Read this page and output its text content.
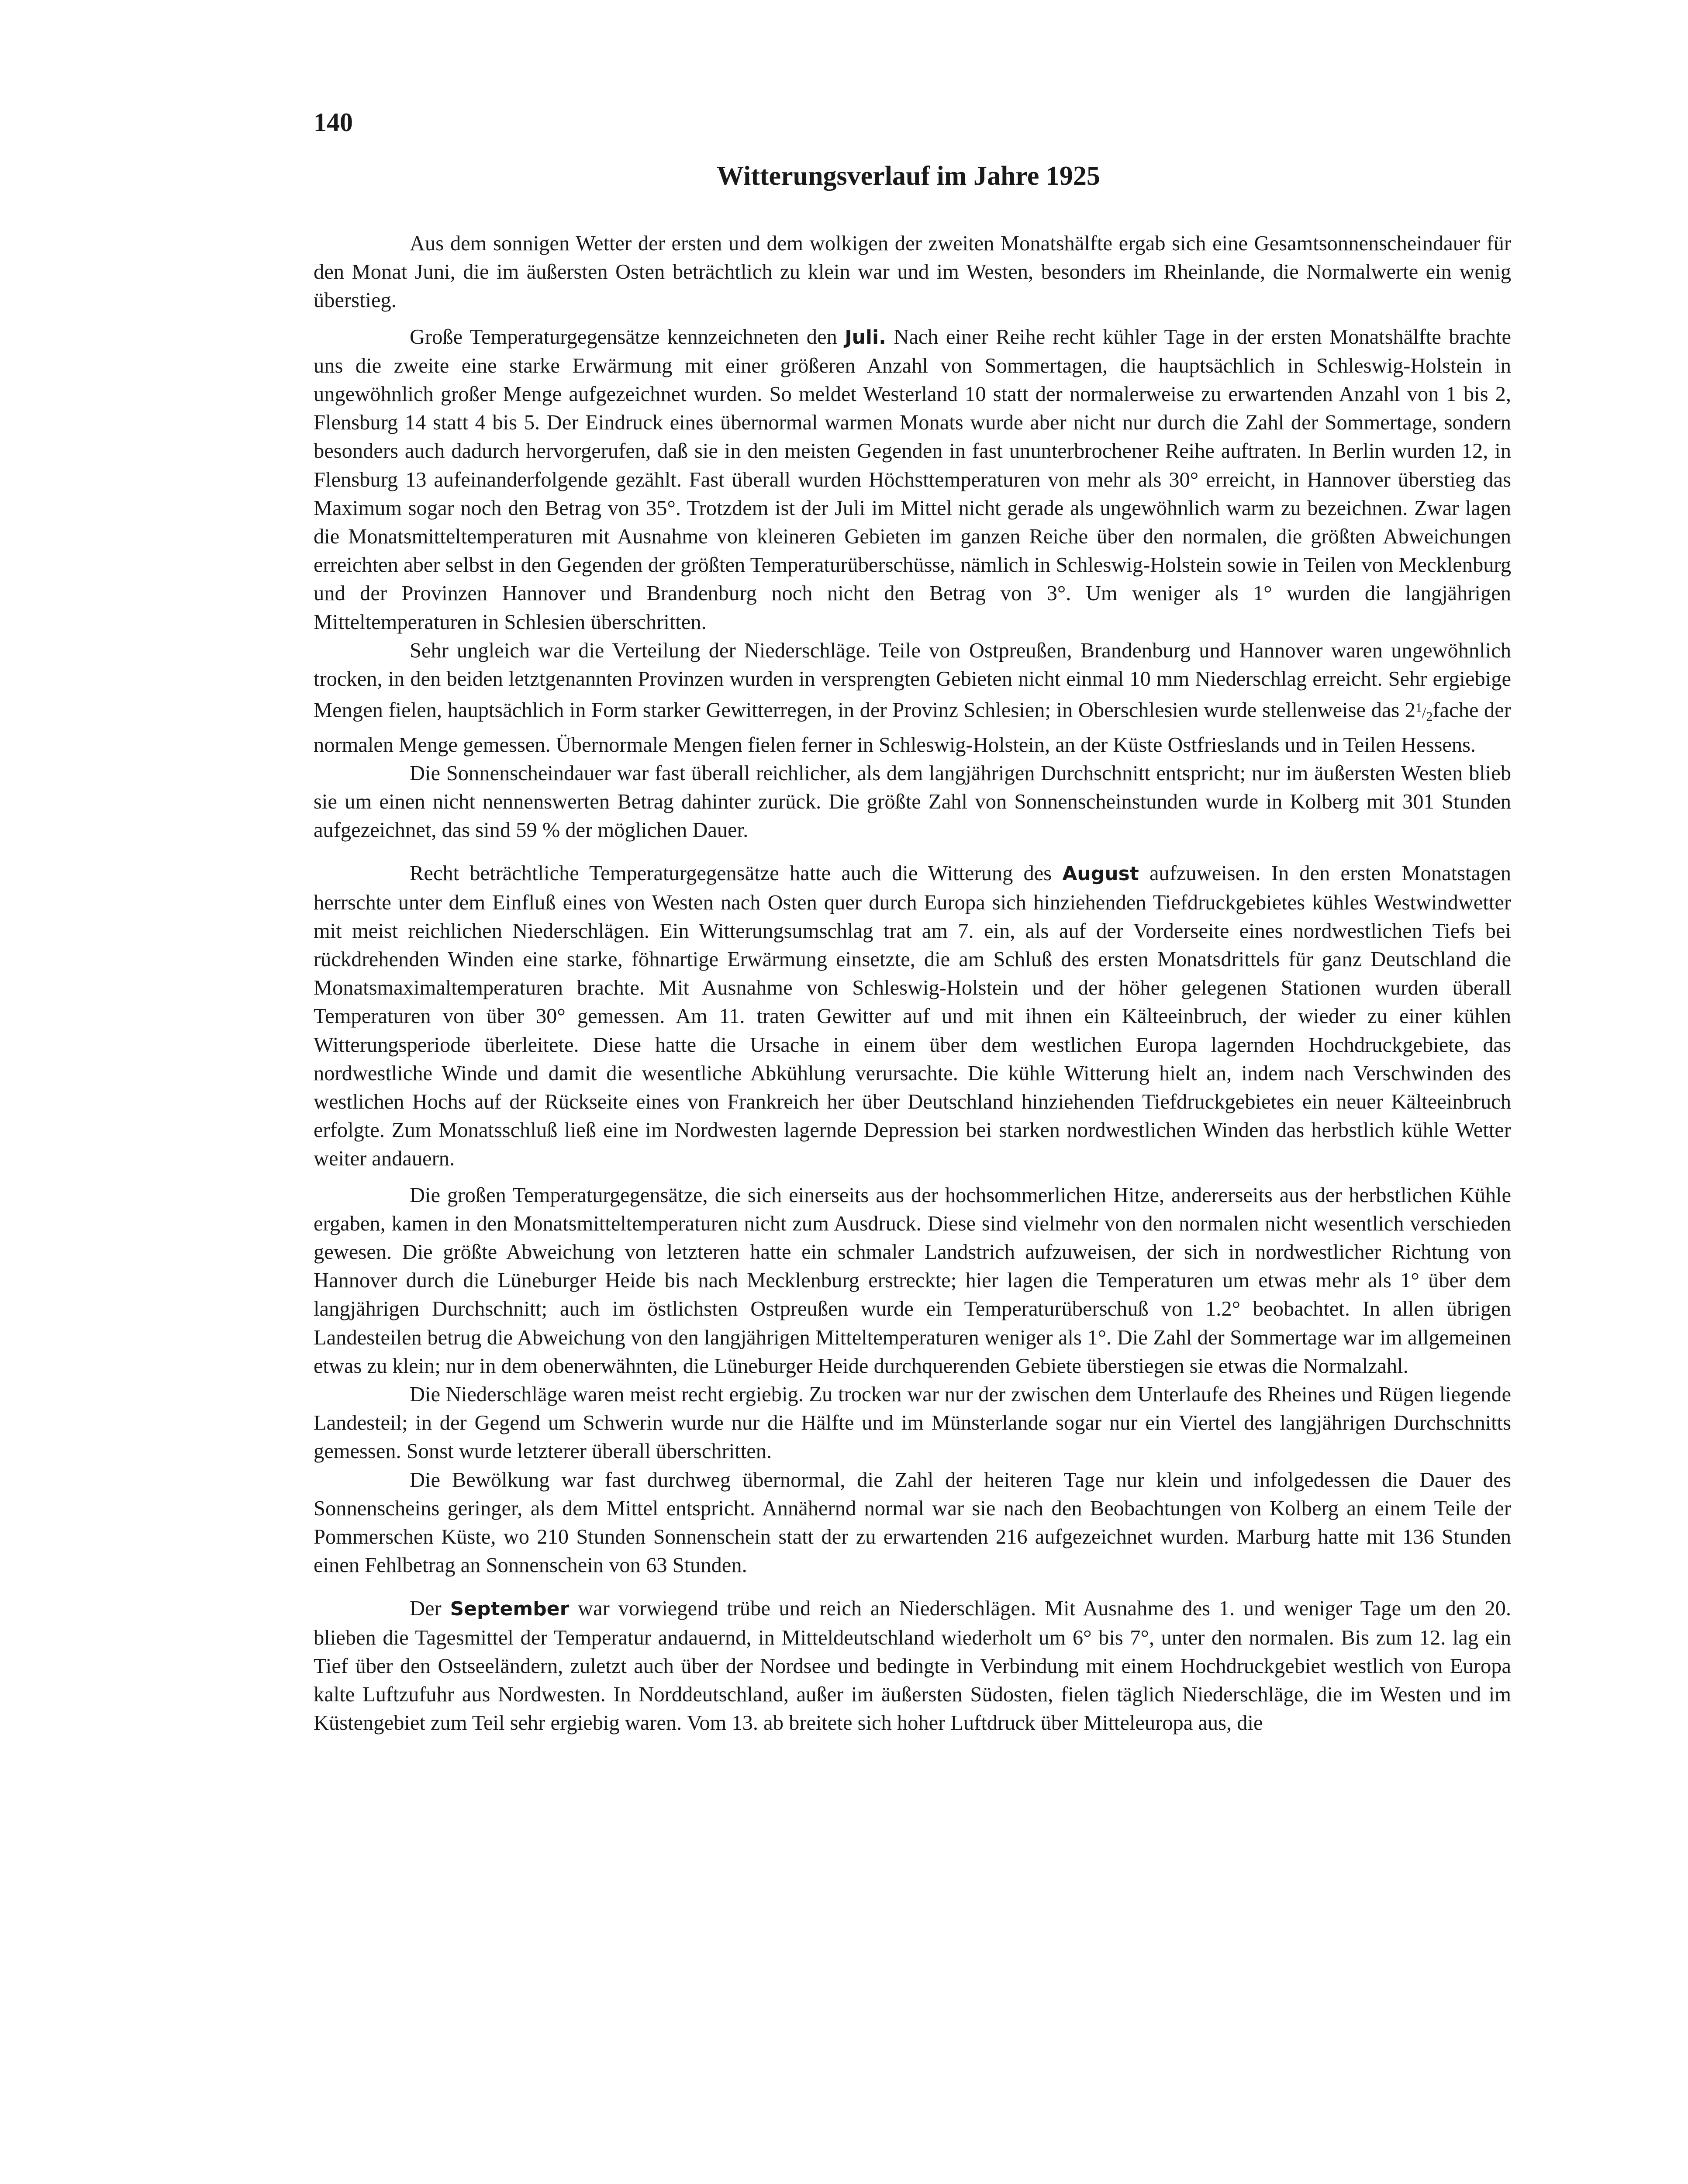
140
Witterungsverlauf im Jahre 1925

Aus dem sonnigen Wetter der ersten und dem wolkigen der zweiten Monatshälfte ergab sich eine Gesamtsonnenscheindauer für den Monat Juni, die im äußersten Osten beträchtlich zu klein war und im Westen, besonders im Rheinlande, die Normalwerte ein wenig überstieg.

Große Temperaturgegensätze kennzeichneten den Juli. Nach einer Reihe recht kühler Tage in der ersten Monatshälfte brachte uns die zweite eine starke Erwärmung mit einer größeren Anzahl von Sommertagen, die hauptsächlich in Schleswig-Holstein in ungewöhnlich großer Menge aufgezeichnet wurden. So meldet Westerland 10 statt der normalerweise zu erwartenden Anzahl von 1 bis 2, Flensburg 14 statt 4 bis 5. Der Eindruck eines übernormal warmen Monats wurde aber nicht nur durch die Zahl der Sommertage, sondern besonders auch dadurch hervorgerufen, daß sie in den meisten Gegenden in fast ununterbrochener Reihe auftraten. In Berlin wurden 12, in Flensburg 13 aufeinanderfolgende gezählt. Fast überall wurden Höchsttemperaturen von mehr als 30° erreicht, in Hannover überstieg das Maximum sogar noch den Betrag von 35°. Trotzdem ist der Juli im Mittel nicht gerade als ungewöhnlich warm zu bezeichnen. Zwar lagen die Monatsmitteltemperaturen mit Ausnahme von kleineren Gebieten im ganzen Reiche über den normalen, die größten Abweichungen erreichten aber selbst in den Gegenden der größten Temperaturüberschüsse, nämlich in Schleswig-Holstein sowie in Teilen von Mecklenburg und der Provinzen Hannover und Brandenburg noch nicht den Betrag von 3°. Um weniger als 1° wurden die langjährigen Mitteltemperaturen in Schlesien überschritten.

Sehr ungleich war die Verteilung der Niederschläge. Teile von Ostpreußen, Brandenburg und Hannover waren ungewöhnlich trocken, in den beiden letztgenannten Provinzen wurden in versprengten Gebieten nicht einmal 10 mm Niederschlag erreicht. Sehr ergiebige Mengen fielen, hauptsächlich in Form starker Gewitterregen, in der Provinz Schlesien; in Oberschlesien wurde stellenweise das $2^1/_2fache$ der normalen Menge gemessen. Übernormale Mengen fielen ferner in Schleswig-Holstein, an der Küste Ostfrieslands und in Teilen Hessens.

Die Sonnenscheindauer war fast überall reichlicher, als dem langjährigen Durchschnitt entspricht; nur im äußersten Westen blieb sie um einen nicht nennenswerten Betrag dahinter zurück. Die größte Zahl von Sonnenscheinstunden wurde in Kolberg mit 301 Stunden aufgezeichnet, das sind 59 % der möglichen Dauer.

Recht beträchtliche Temperaturgegensätze hatte auch die Witterung des August aufzuweisen. In den ersten Monatstagen herrschte unter dem Einfluß eines von Westen nach Osten quer durch Europa sich hinziehenden Tiefdruckgebietes kühles Westwindwetter mit meist reichlichen Niederschlägen. Ein Witterungsumschlag trat am 7. ein, als auf der Vorderseite eines nordwestlichen Tiefs bei rückdrehenden Winden eine starke, föhnartige Erwärmung einsetzte, die am Schluß des ersten Monatsdrittels für ganz Deutschland die Monatsmaximaltemperaturen brachte. Mit Ausnahme von Schleswig-Holstein und der höher gelegenen Stationen wurden überall Temperaturen von über 30° gemessen. Am 11. traten Gewitter auf und mit ihnen ein Kälteeinbruch, der wieder zu einer kühlen Witterungsperiode überleitete. Diese hatte die Ursache in einem über dem westlichen Europa lagernden Hochdruckgebiete, das nordwestliche Winde und damit die wesentliche Abkühlung verursachte. Die kühle Witterung hielt an, indem nach Verschwinden des westlichen Hochs auf der Rückseite eines von Frankreich her über Deutschland hinziehenden Tiefdruckgebietes ein neuer Kälteeinbruch erfolgte. Zum Monatsschluß ließ eine im Nordwesten lagernde Depression bei starken nordwestlichen Winden das herbstlich kühle Wetter weiter andauern.

Die großen Temperaturgegensätze, die sich einerseits aus der hochsommerlichen Hitze, andererseits aus der herbstlichen Kühle ergaben, kamen in den Monatsmitteltemperaturen nicht zum Ausdruck. Diese sind vielmehr von den normalen nicht wesentlich verschieden gewesen. Die größte Abweichung von letzteren hatte ein schmaler Landstrich aufzuweisen, der sich in nordwestlicher Richtung von Hannover durch die Lüneburger Heide bis nach Mecklenburg erstreckte; hier lagen die Temperaturen um etwas mehr als 1° über dem langjährigen Durchschnitt; auch im östlichsten Ostpreußen wurde ein Temperaturüberschuß von 1.2° beobachtet. In allen übrigen Landesteilen betrug die Abweichung von den langjährigen Mitteltemperaturen weniger als 1°. Die Zahl der Sommertage war im allgemeinen etwas zu klein; nur in dem obenerwähnten, die Lüneburger Heide durchquerenden Gebiete überstiegen sie etwas die Normalzahl.

Die Niederschläge waren meist recht ergiebig. Zu trocken war nur der zwischen dem Unterlaufe des Rheines und Rügen liegende Landesteil; in der Gegend um Schwerin wurde nur die Hälfte und im Münsterlande sogar nur ein Viertel des langjährigen Durchschnitts gemessen. Sonst wurde letzterer überall überschritten.

Die Bewölkung war fast durchweg übernormal, die Zahl der heiteren Tage nur klein und infolgedessen die Dauer des Sonnenscheins geringer, als dem Mittel entspricht. Annähernd normal war sie nach den Beobachtungen von Kolberg an einem Teile der Pommerschen Küste, wo 210 Stunden Sonnenschein statt der zu erwartenden 216 aufgezeichnet wurden. Marburg hatte mit 136 Stunden einen Fehlbetrag an Sonnenschein von 63 Stunden.

Der September war vorwiegend trübe und reich an Niederschlägen. Mit Ausnahme des 1. und weniger Tage um den 20. blieben die Tagesmittel der Temperatur andauernd, in Mitteldeutschland wiederholt um 6° bis 7°, unter den normalen. Bis zum 12. lag ein Tief über den Ostseeländern, zuletzt auch über der Nordsee und bedingte in Verbindung mit einem Hochdruckgebiet westlich von Europa kalte Luftzufuhr aus Nordwesten. In Norddeutschland, außer im äußersten Südosten, fielen täglich Niederschläge, die im Westen und im Küstengebiet zum Teil sehr ergiebig waren. Vom 13. ab breitete sich hoher Luftdruck über Mitteleuropa aus, die
